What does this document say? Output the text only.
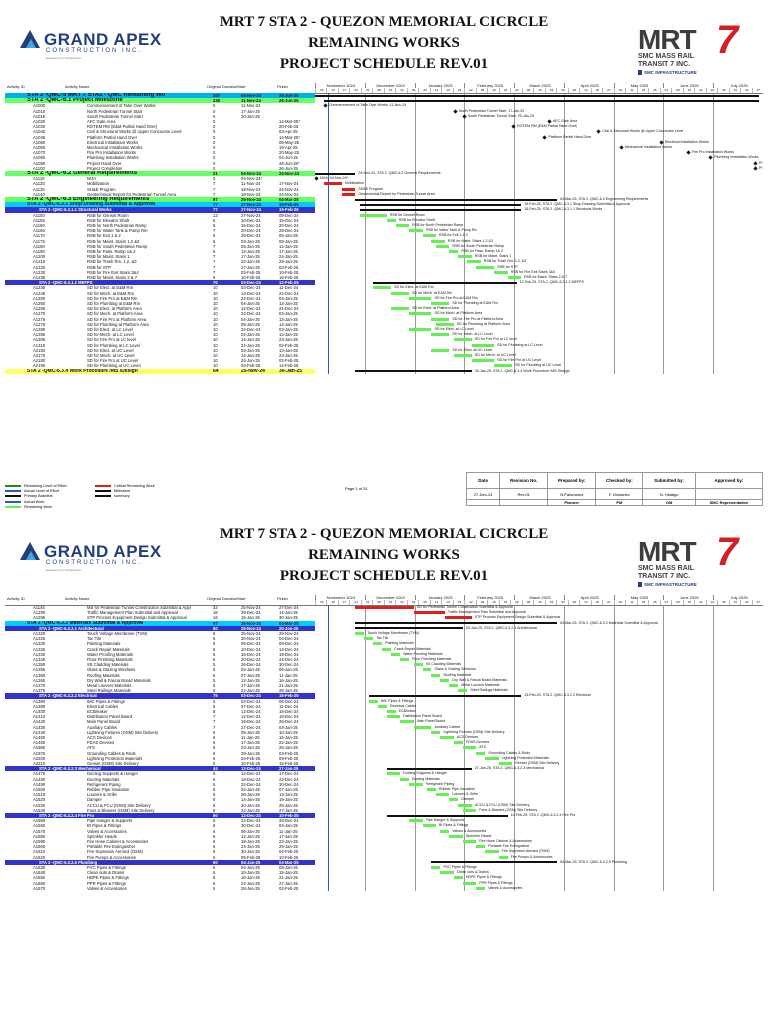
GRAND APEX
CONSTRUCTION INC.
Excellence in Construction
MRT 7 STA 2 - QUEZON MEMORIAL CICRCLE
REMAINING WORKS
PROJECT SCHEDULE REV.01
MRT 7
SMC MASS RAIL
TRANSIT 7 INC.
SMC INFRASTRUCTURE
Activity ID	Activity Name	Original Duration Start	Finish	November 2024	December 2024	January 2025	February 2025	March 2025	April 2025	May 2025	June 2025	July 2025
03	10	17	24	01	08	15	22	29	05	12	19	26	02	09	16	23	02	09	16	23	30	06	13	20	27	04	11	18	25	01	08	15	22	29	06	13	20	27
STA 2 -QMC-5 MRT 7 STA2 - QMC Remaining Wo	247	04-Nov-24	26-Jun-25
STA 2 -QMC-6.1 Project Milestone	236	11-Nov-24	26-Jun-25
A1000	Commencement of Take Over Works	0	11-Nov-24	Commencement of Take Over Works, 11-Nov-24
A1010	North Pedestrian Tunnel Start	0	17-Jan-25	North Pedestrian Tunnel Start, 17-Jan-25
A1015	South Pedestrian Tunnel Start	0	20-Jan-25	South Pedestrian Tunnel Start, 20-Jan-25
A1020	AFC Gate Area	0	14-Mar-25*	AFC Gate Area
A1030	ROTEM RM (E&M Partial Hand Over)	0	20-Feb-25	ROTEM RM (E&M Partial Hand Over)
A1040	Civil & Structural Works @ Upper Concourse Level	0	03-Apr-25	Civil & Structural Works @ Upper Concourse Level
A1045	Platform Partial Hand Over	0	12-Mar-25*	Platform Partial Hand Over
A1050	Electrical Installation Works	0	06-May-25	Electrical Installation Works
A1060	Mechanical Installation Works	0	19-Apr-25	Mechanical Installation Works
A1070	Fire Pro Installation Works	0	20-May-25	Fire Pro Installation Works
A1080	Plumbing Installation Works	0	04-Jun-25	Plumbing Installation Works
A1090	Project Hand Over	0	26-Jun-25*	Pr
A1100	Project Completion	0	26-Jun-25	Pr
STA 2 -QMC-6.2 General Requirements	21	04-Nov-24	24-Nov-24	24-Nov-24, STA 2 -QMC-6.2 General Requirements
A1110	NOA	0	04-Nov-24*	NOA, 04-Nov-24*
A1120	Mobilization	7	11-Nov-24	17-Nov-24	Mobilization
A1130	SH&E Program	7	18-Nov-24	24-Nov-24	SH&E Program
A1140	Geotechnical Report for Pedestrian Tunnel Area	7	18-Nov-24	24-Nov-24	Geotechnical Report for Pedestrian Tunnel Area
STA 2 -QMC-6.3 Engineering Requirements	97	25-Nov-24	04-Mar-25	04-Mar-25, STA 2 -QMC-6.3 Engineering Requirements
STA 2 -QMC-6.3.1 Shop Drawing Submittal & Approval	77	27-Nov-24	15-Feb-25	15-Feb-25, STA 2 -QMC-6.3.1 Shop Drawing Submittal & Approval
STA 2 -QMC-6.3.1.1 Structural Works	77	27-Nov-24	15-Feb-25	15-Feb-25, STA 2 -QMC-6.3.1.1 Structural Works
A1150	RSB for Genset Room	12	27-Nov-24	09-Dec-24	RSB for Genset Room
A1155	RSB for Elevator Shaft	5	10-Dec-24	15-Dec-24	RSB for Elevator Shaft
A1160	RSB for North Pedestrian Ramp	5	15-Dec-24	20-Dec-24	RSB for North Pedestrian Ramp
A1165	RSB for Water Tank & Pump Rm	7	20-Dec-24	28-Dec-24	RSB for Water Tank & Pump Rm
A1170	RSB for Exit 1 & 2	6	28-Dec-24	05-Jan-25	RSB for Exit 1 & 2
A1175	RSB for Maint. Stairs 1,2 &3	6	03-Jan-25	09-Jan-25	RSB for Maint. Stairs 1,2 &3
A1180	RSB for South Pedestrian Ramp	7	05-Jan-25	12-Jan-25	RSB for South Pedestrian Ramp
A1190	RSB for Pass. Ramp 1& 2	5	12-Jan-25	17-Jan-25	RSB for Pass. Ramp 1& 2
A1200	RSB for Maint. Stairs 1	7	17-Jan-25	24-Jan-25	RSB for Maint. Stairs 1
A1210	RSB for Trash Rm. 1,2, &3	7	22-Jan-25	29-Jan-25	RSB for Trash Rm. 1,2, &3
A1220	RSB for STP	7	27-Jan-25	03-Feb-25	RSB for STP
A1230	RSB for Fire Exit Stairs 3&4	7	03-Feb-25	10-Feb-25	RSB for Fire Exit Stairs 3&4
A1235	RSB for Maint. Stairs 2 & 7	6	10-Feb-25	15-Feb-25	RSB for Maint. Stairs 2 & 7
STA 2 -QMC-6.3.1.2 MEFPS	70	03-Dec-24	12-Feb-25	12-Feb-25, STA 2 -QMC-6.3.1.2 MEFPS
A1240	SD for Elect. at E&M Rm	10	03-Dec-24	11-Dec-24	SD for Elect. at E&M Rm
A1245	SD for Mech. at E&M Rm	10	13-Dec-24	22-Dec-24	SD for Mech. at E&M Rm
A1250	SD for Fire Pro at E&M Rm	10	22-Dec-24	03-Jan-25	SD for Fire Pro at E&M Rm
A1260	SD for Plumbing at E&M Rm	10	04-Jan-25	13-Jan-25	SD for Plumbing at E&M Rm
A1265	SD for Elect. at Platform Area	10	12-Dec-24	21-Dec-24	SD for Elect. at Platform Area
A1270	SD for Mech. at Platform Area	10	22-Dec-24	03-Jan-25	SD for Mech. at Platform Area
A1275	SD for Fire Pro at Platform Area	10	04-Jan-25	13-Jan-25	SD for Fire Pro at Platform Area
A1276	SD for Plumbing at Platform Area	10	05-Jan-25	14-Jan-25	SD for Plumbing at Platform Area
A1280	SD for Elect. at LC Level	10	22-Dec-24	03-Jan-25	SD for Elect. at LC Level
A1285	SD for Mech. at LC Level	10	04-Jan-25	13-Jan-25	SD for Mech. at LC Level
A1305	SD for Fire Pro at LC level	10	14-Jan-25	23-Jan-25	SD for Fire Pro at LC level
A1315	SD for Plumbing at LC Level	10	24-Jan-25	02-Feb-25	SD for Plumbing at LC Level
A2150	SD for Elect. at UC Level	10	03-Jan-25	13-Jan-25	SD for Elect. at UC Level
A2170	SD for Mech. at UC Level	10	14-Jan-25	23-Jan-25	SD for Mech. at UC Level
A2180	SD for Fire Pro at UC Level	10	24-Jan-25	02-Feb-25	SD for Fire Pro at UC Level
A2190	SD for Plumbing at UC Level	10	03-Feb-25	12-Feb-25	SD for Plumbing at UC Level
STA 2 -QMC-6.3.4 Work Procedure /MS /Design	64	25-Nov-24	30-Jan-25	30-Jan-25, STA 2 -QMC-6.3.4 Work Procedure /MS /Design
Remaining Level of Effort
Actual Level of Effort
Primary Baseline
Actual Work
Remaining Work
Critical Remaining Work
Milestone
summary
Page 1 of 31
Date	Revision No.	Prepared by:	Checked by:	Submitted by:	Approved by:
27-Dec-24	Rev.01	N.Palomares	F. Morianito	N. Hidalgo	
		Planner	PM	OM	SMC Representative
GRAND APEX
CONSTRUCTION INC.
Excellence in Construction
MRT 7 STA 2 - QUEZON MEMORIAL CICRCLE
REMAINING WORKS
PROJECT SCHEDULE REV.01
MRT 7
SMC MASS RAIL
TRANSIT 7 INC.
SMC INFRASTRUCTURE
Activity ID	Activity Name	Original Duration Start	Finish	November 2024	December 2024	January 2025	February 2025	March 2025	April 2025	May 2025	June 2025	July 2025
03	10	17	24	01	08	15	22	29	05	12	19	26	02	09	16	23	02	09	16	23	30	06	13	20	27	04	11	18	25	01	08	15	22	29	06	13	20	27
A1145	MS for Pedestrian Tunnel Construction Submittal & Appr	32	25-Nov-24	27-Dec-24	MS for Pedestrian Tunnel Construction Submittal & Approval
A1290	Traffic Management Plan Submittal and Approval	16	28-Dec-24	14-Jan-25	Traffic Management Plan Submittal and Approval
A1295	STP Process Equipment Design Submittal & Approval	16	15-Jan-25	30-Jan-25	STP Process Equipment Design Submittal & Approval
STA 2 -QMC-6.3.2 Materials Submittal & Approval	97	25-Nov-24	04-Mar-25	04-Mar-25, STA 2 -QMC-6.3.2 Materials Submittal & Approval
STA 2 -QMC-6.3.2.1 Architectural	60	25-Nov-24	20-Jan-25	20-Jan-25, STA 2 -QMC-6.3.2.1 Architectural
A1320	Touch Voltage Membrane (TVM)	5	25-Nov-24	29-Nov-24	Touch Voltage Membrane (TVM)
A1325	Tac Tile	5	30-Nov-24	04-Dec-24	Tac Tile
A1330	Painting Materials	5	05-Dec-24	09-Dec-24	Painting Materials
A1335	Crack Repair Materials	5	10-Dec-24	14-Dec-24	Crack Repair Materials
A1340	Water Proofing Materials	5	15-Dec-24	19-Dec-24	Water Proofing Materials
A1345	Floor Finishing Materials	5	20-Dec-24	24-Dec-24	Floor Finishing Materials
A1350	SS Cladding Materials	5	26-Dec-24	30-Dec-24	SS Cladding Materials
A1355	Glass & Glazing Windows	5	02-Jan-25	06-Jan-25	Glass & Glazing Windows
A1360	Roofing Materials	5	07-Jan-25	11-Jan-25	Roofing Materials
A1365	Dry Wall & Fascia Board Materials	5	12-Jan-25	16-Jan-25	Dry Wall & Fascia Board Materials
A1370	Metal Louvers Materials	5	17-Jan-25	21-Jan-25	Metal Louvers Materials
A1375	Steel Railings Materials	5	22-Jan-25	26-Jan-25	Steel Railings Materials
STA 2 -QMC-6.3.2.2 Electrical	75	03-Dec-24	15-Feb-25	15-Feb-25, STA 2 -QMC-6.3.2.2 Electrical
A1380	IMC Pipes & Fittings	5	03-Dec-24	06-Dec-24	IMC Pipes & Fittings
A1390	Electrical Cables	5	07-Dec-24	11-Dec-24	Electrical Cables
A1400	ECBreaker	5	12-Dec-24	16-Dec-24	ECBreaker
A1410	Distribution Panel Board	7	12-Dec-24	18-Dec-24	Distribution Panel Board
A1420	Main Panel Board	7	19-Dec-24	26-Dec-24	Main Panel Board
A1430	Auxiliary Cables	7	27-Dec-24	04-Jan-25	Auxiliary Cables
A1440	Lightning Fixtures (OSM) Site Delivery	6	05-Jan-25	10-Jan-25	Lightning Fixtures (OSM) Site Delivery
A1450	ACS Devices	6	11-Jan-25	16-Jan-25	ACS Devices
A1460	FDAS Devices	6	17-Jan-25	22-Jan-25	FDAS Devices
A1980	ATS	6	23-Jan-25	28-Jan-25	ATS
A1970	Grounding Cables & Rods	6	29-Jan-25	03-Feb-25	Grounding Cables & Rods
A2200	Lightning Protection Materials	6	04-Feb-25	09-Feb-25	Lightning Protection Materials
A2210	Genset (OSM) Site Delivery	6	10-Feb-25	15-Feb-25	Genset (OSM) Site Delivery
STA 2 -QMC-6.3.2.3 Mechanical	44	12-Dec-24	27-Jan-25	27-Jan-25, STA 2 -QMC-6.3.2.3 Mechanical
A1470	Ducting Supports & Hanger	6	12-Dec-24	17-Dec-24	Ducting Supports & Hanger
A1480	Ducting Materials	6	18-Dec-24	23-Dec-24	Ducting Materials
A1490	Refrigerant Piping	6	24-Dec-24	30-Dec-24	Refrigerant Piping
A1500	Rubber Pipe Insulation	6	02-Jan-25	07-Jan-25	Rubber Pipe Insulation
A1510	Louvers & Grille	6	08-Jan-25	13-Jan-25	Louvers & Grille
A1520	Damper	6	14-Jan-25	19-Jan-25	Damper
A1530	ACCU & FCU (OSM) Site Delivery	6	20-Jan-25	25-Jan-25	ACCU & FCU (OSM) Site Delivery
A1540	Fans & Blowers (OSM) Site Delivery	6	22-Jan-25	27-Jan-25	Fans & Blowers (OSM) Site Delivery
STA 2 -QMC-6.3.2.4 Fire Pro	60	12-Dec-24	10-Feb-25	10-Feb-25, STA 2 -QMC-6.3.2.4 Fire Pro
A1550	Pipe Hanger & Supports	6	22-Dec-24	28-Dec-24	Pipe Hanger & Supports
A1560	BI Pipes & Fittings	6	30-Dec-24	04-Jan-25	BI Pipes & Fittings
A1570	Valves & Accessories	6	06-Jan-25	11-Jan-25	Valves & Accessories
A1580	Sprinkler Heads	6	12-Jan-25	17-Jan-25	Sprinkler Heads
A1590	Fire Hose Cabinet & Accessories	6	18-Jan-25	23-Jan-25	Fire Hose Cabinet & Accessories
A1600	Portable Fire Extinguisher	6	24-Jan-25	29-Jan-25	Portable Fire Extinguisher
A1610	Fire Supresion Aerosol (OSM)	6	30-Jan-25	04-Feb-25	Fire Supresion Aerosol (OSM)
A1620	Fire Pumps & Accessories	6	05-Feb-25	10-Feb-25	Fire Pumps & Accessories
STA 2 -QMC-6.3.2.5 Plumbing	60	04-Jan-25	04-Mar-25	04-Mar-25, STA 2 -QMC-6.3.2.5 Plumbing
A1630	PVC Pipes & Fittings	6	04-Jan-25	09-Jan-25	PVC Pipes & Fittings
A1640	Clean outs & Drains	6	10-Jan-25	15-Jan-25	Clean outs & Drains
A1650	HDPE Pipes & Fittings	6	16-Jan-25	21-Jan-25	HDPE Pipes & Fittings
A1660	PPR Pipes & Fittings	6	22-Jan-25	27-Jan-25	PPR Pipes & Fittings
A1670	Valves & Accessories	6	28-Jan-25	02-Feb-25	Valves & Accessories
